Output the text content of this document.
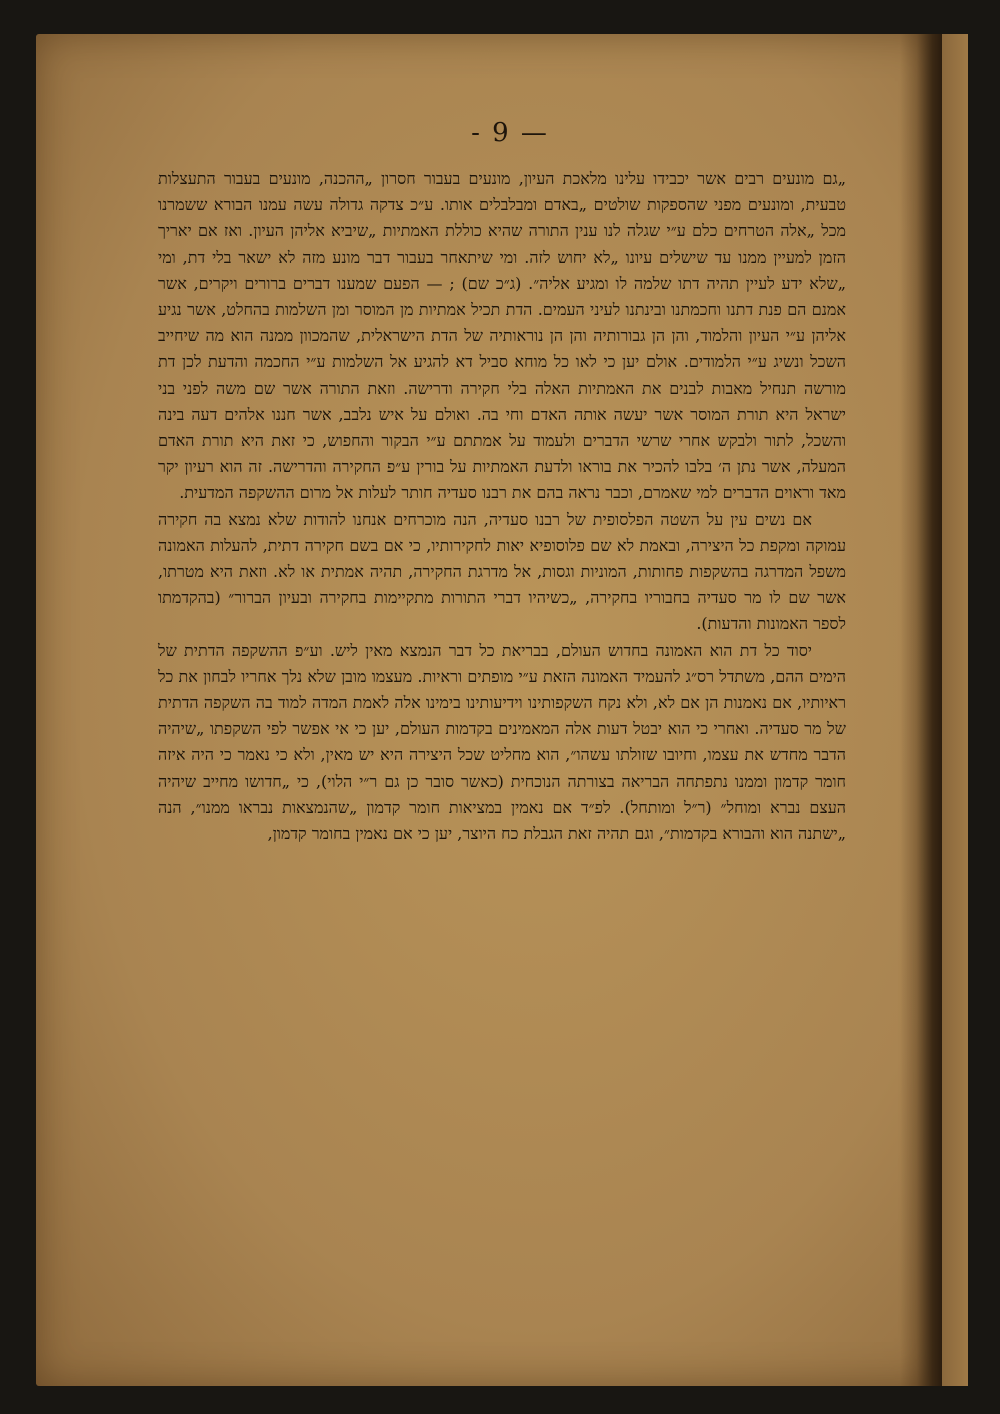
- 9 —

„גם מונעים רבים אשר יכבידו עלינו מלאכת העיון, מונעים בעבור חסרון „ההכנה, מונעים בעבור התעצלות טבעית, ומונעים מפני שהספקות שולטים „באדם ומבלבלים אותו. ע״כ צדקה גדולה עשה עמנו הבורא ששמרנו מכל „אלה הטרחים כלם ע״י שגלה לנו ענין התורה שהיא כוללת האמתיות „שיביא אליהן העיון. ואז אם יאריך הזמן למעיין ממנו עד שישלים עיונו „לא יחוש לזה. ומי שיתאחר בעבור דבר מונע מזה לא ישאר בלי דת, ומי „שלא ידע לעיין תהיה דתו שלמה לו ומגיע אליה״. (ג״כ שם) ; — הפעם שמענו דברים ברורים ויקרים, אשר אמנם הם פנת דתנו וחכמתנו ובינתנו לעיני העמים. הדת תכיל אמתיות מן המוסר ומן השלמות בהחלט, אשר נגיע אליהן ע״י העיון והלמוד, והן הן גבורותיה והן הן נוראותיה של הדת הישראלית, שהמכוון ממנה הוא מה שיחייב השכל ונשיג ע״י הלמודים. אולם יען כי לאו כל מוחא סביל דא להגיע אל השלמות ע״י החכמה והדעת לכן דת מורשה תנחיל מאבות לבנים את האמתיות האלה בלי חקירה ודרישה. וזאת התורה אשר שם משה לפני בני ישראל היא תורת המוסר אשר יעשה אותה האדם וחי בה. ואולם על איש נלבב, אשר חננו אלהים דעה בינה והשכל, לתור ולבקש אחרי שרשי הדברים ולעמוד על אמתתם ע״י הבקור והחפוש, כי זאת היא תורת האדם המעלה, אשר נתן ה׳ בלבו להכיר את בוראו ולדעת האמתיות על בורין ע״פ החקירה והדרישה. זה הוא רעיון יקר מאד וראוים הדברים למי שאמרם, וכבר נראה בהם את רבנו סעדיה חותר לעלות אל מרום ההשקפה המדעית.

אם נשים עין על השטה הפלסופית של רבנו סעדיה, הנה מוכרחים אנחנו להודות שלא נמצא בה חקירה עמוקה ומקפת כל היצירה, ובאמת לא שם פלוסופיא יאות לחקירותיו, כי אם בשם חקירה דתית, להעלות האמונה משפל המדרגה בהשקפות פחותות, המוניות וגסות, אל מדרגת החקירה, תהיה אמתית או לא. וזאת היא מטרתו, אשר שם לו מר סעדיה בחבוריו בחקירה, „כשיהיו דברי התורות מתקיימות בחקירה ובעיון הברור״ (בהקדמתו לספר האמונות והדעות).

יסוד כל דת הוא האמונה בחדוש העולם, בבריאת כל דבר הנמצא מאין ליש. וע״פ ההשקפה הדתית של הימים ההם, משתדל רס״ג להעמיד האמונה הזאת ע״י מופתים וראיות. מעצמו מובן שלא נלך אחריו לבחון את כל ראיותיו, אם נאמנות הן אם לא, ולא נקח השקפותינו וידיעותינו בימינו אלה לאמת המדה למוד בה השקפה הדתית של מר סעדיה. ואחרי כי הוא יבטל דעות אלה המאמינים בקדמות העולם, יען כי אי אפשר לפי השקפתו „שיהיה הדבר מחדש את עצמו, וחיובו שזולתו עשהו״, הוא מחליט שכל היצירה היא יש מאין, ולא כי נאמר כי היה איזה חומר קדמון וממנו נתפתחה הבריאה בצורתה הנוכחית (כאשר סובר כן גם ר״י הלוי), כי „חדושו מחייב שיהיה העצם נברא ומוחל״ (ר״ל ומותחל). לפ״ד אם נאמין במציאות חומר קדמון „שהנמצאות נבראו ממנו״, הנה „ישתנה הוא והבורא בקדמות״, וגם תהיה זאת הגבלת כח היוצר, יען כי אם נאמין בחומר קדמון,
